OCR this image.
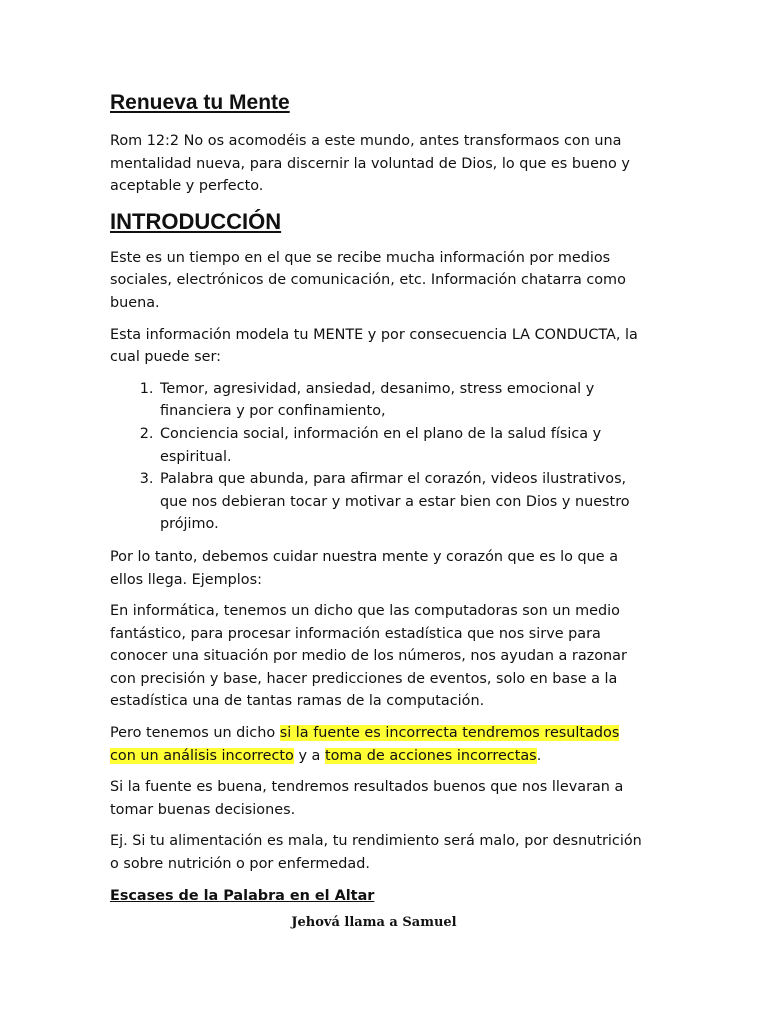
Renueva tu Mente

Rom 12:2 No os acomodéis a este mundo, antes transformaos con una mentalidad nueva, para discernir la voluntad de Dios, lo que es bueno y aceptable y perfecto.

INTRODUCCIÓN

Este es un tiempo en el que se recibe mucha información por medios sociales, electrónicos de comunicación, etc. Información chatarra como buena.

Esta información modela tu MENTE y por consecuencia LA CONDUCTA, la cual puede ser:

1. Temor, agresividad, ansiedad, desanimo, stress emocional y financiera y por confinamiento,
2. Conciencia social, información en el plano de la salud física y espiritual.
3. Palabra que abunda, para afirmar el corazón, videos ilustrativos, que nos debieran tocar y motivar a estar bien con Dios y nuestro prójimo.

Por lo tanto, debemos cuidar nuestra mente y corazón que es lo que a ellos llega. Ejemplos:

En informática, tenemos un dicho que las computadoras son un medio fantástico, para procesar información estadística que nos sirve para conocer una situación por medio de los números, nos ayudan a razonar con precisión y base, hacer predicciones de eventos, solo en base a la estadística una de tantas ramas de la computación.

Pero tenemos un dicho si la fuente es incorrecta tendremos resultados con un análisis incorrecto y a toma de acciones incorrectas.

Si la fuente es buena, tendremos resultados buenos que nos llevaran a tomar buenas decisiones.

Ej. Si tu alimentación es mala, tu rendimiento será malo, por desnutrición o sobre nutrición o por enfermedad.

Escases de la Palabra en el Altar

Jehová llama a Samuel
